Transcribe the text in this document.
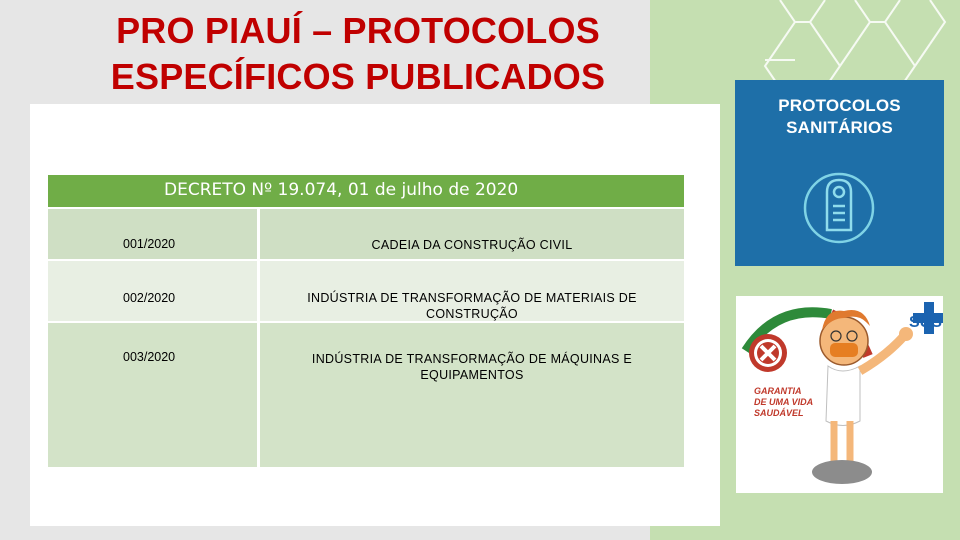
PRO PIAUÍ – PROTOCOLOS ESPECÍFICOS PUBLICADOS
DECRETO Nº 19.074, 01 de julho de 2020
001/2020	CADEIA DA CONSTRUÇÃO CIVIL
002/2020	INDÚSTRIA DE TRANSFORMAÇÃO DE MATERIAIS DE CONSTRUÇÃO
003/2020	INDÚSTRIA DE TRANSFORMAÇÃO DE MÁQUINAS E EQUIPAMENTOS
PROTOCOLOS SANITÁRIOS
SUS
GARANTIA DE UMA VIDA SAUDÁVEL
